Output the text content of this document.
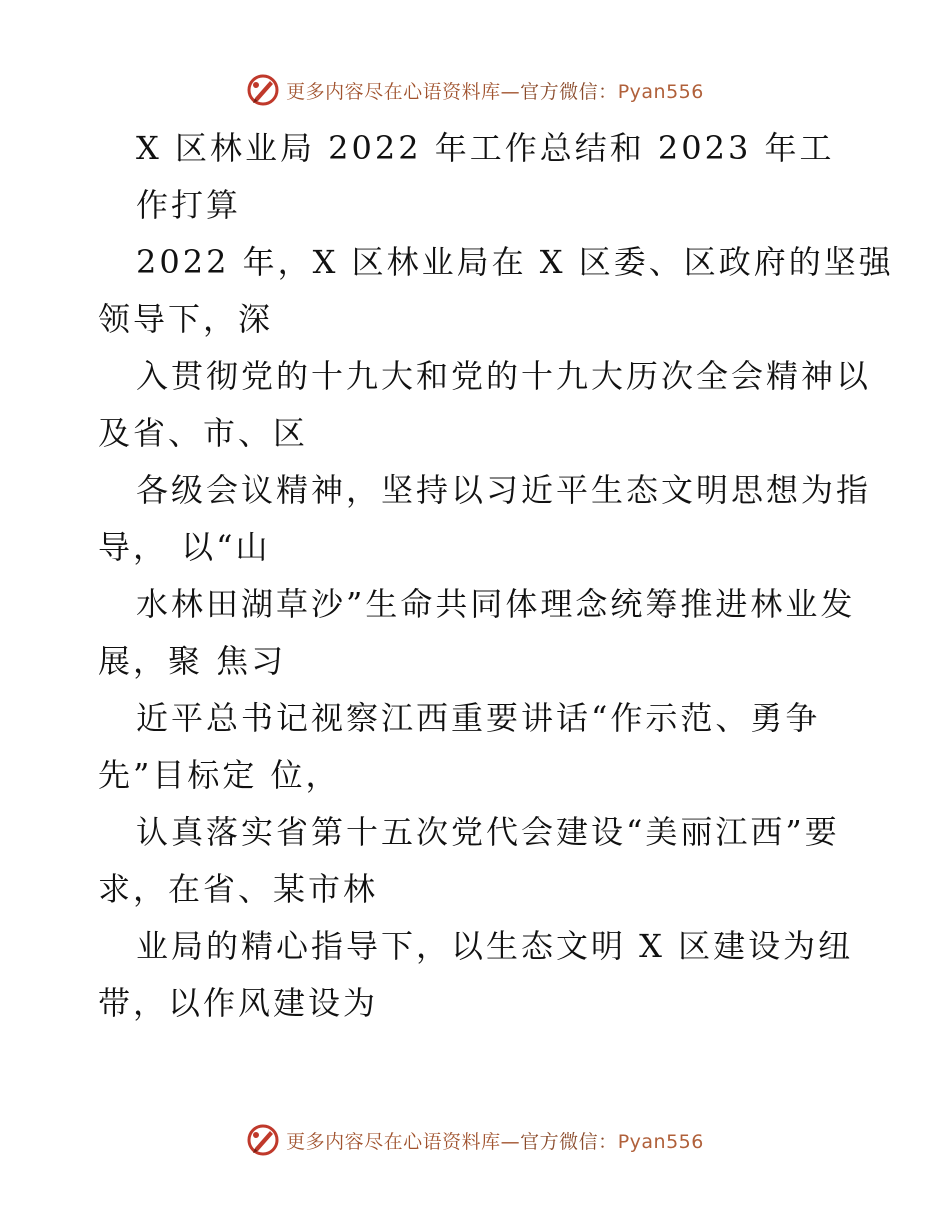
更多内容尽在心语资料库—官方微信：Pyan556
X 区林业局 2022 年工作总结和 2023 年工
作打算
2022 年，X 区林业局在 X 区委、区政府的坚强
领导下，深
入贯彻党的十九大和党的十九大历次全会精神以
及省、市、区
各级会议精神，坚持以习近平生态文明思想为指
导， 以“山
水林田湖草沙”生命共同体理念统筹推进林业发
展，聚 焦习
近平总书记视察江西重要讲话“作示范、勇争
先”目标定 位，
认真落实省第十五次党代会建设“美丽江西”要
求，在省、某市林
业局的精心指导下，以生态文明 X 区建设为纽
带，以作风建设为
更多内容尽在心语资料库—官方微信：Pyan556
